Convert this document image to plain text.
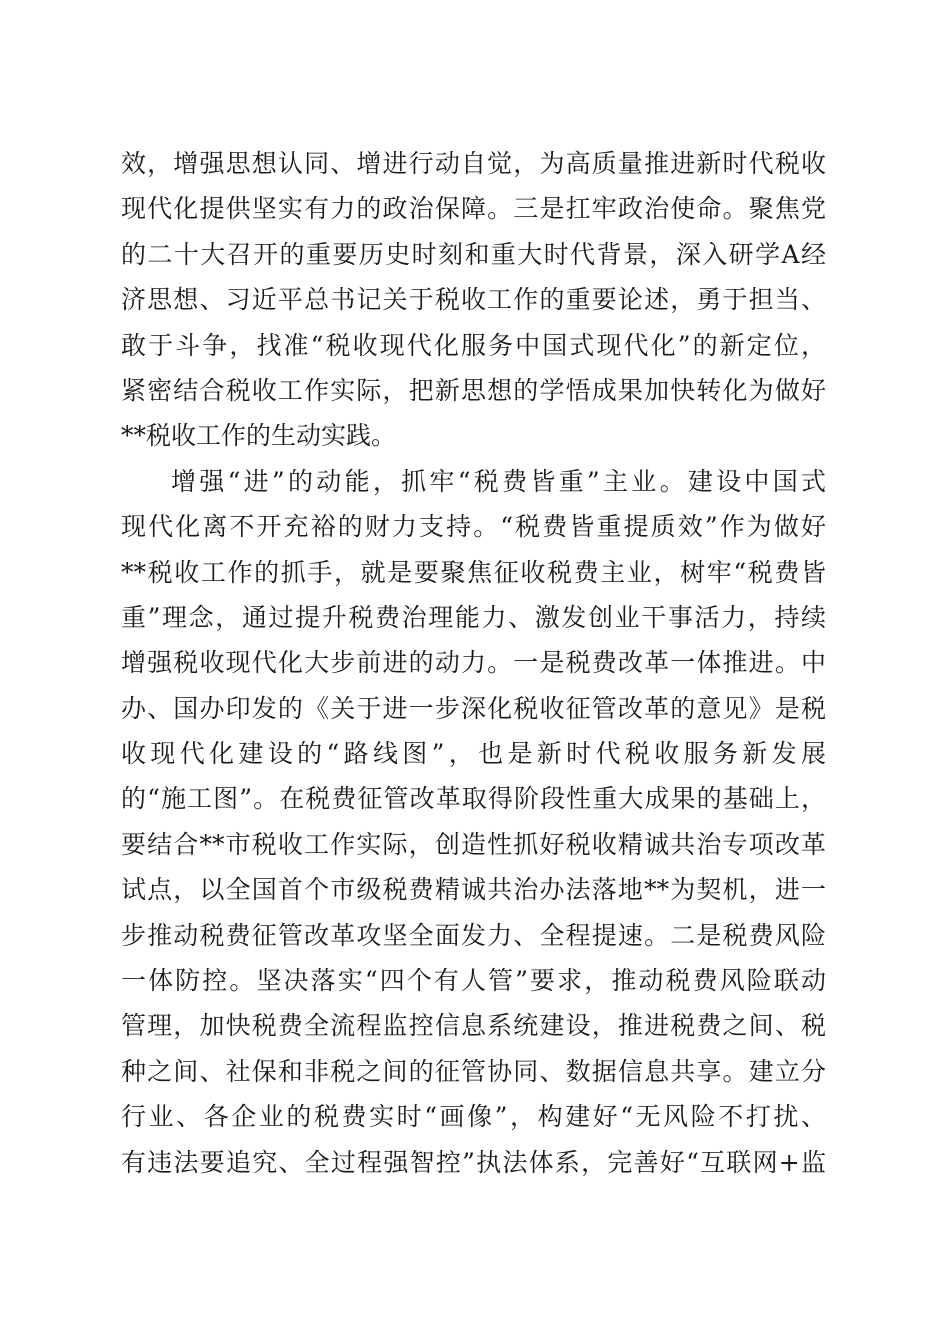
效，增强思想认同、增进行动自觉，为高质量推进新时代税收
现代化提供坚实有力的政治保障。三是扛牢政治使命。聚焦党
的二十大召开的重要历史时刻和重大时代背景，深入研学A经
济思想、习近平总书记关于税收工作的重要论述，勇于担当、
敢于斗争，找准“税收现代化服务中国式现代化”的新定位，
紧密结合税收工作实际，把新思想的学悟成果加快转化为做好
**税收工作的生动实践。
增强“进”的动能，抓牢“税费皆重”主业。建设中国式
现代化离不开充裕的财力支持。“税费皆重提质效”作为做好
**税收工作的抓手，就是要聚焦征收税费主业，树牢“税费皆
重”理念，通过提升税费治理能力、激发创业干事活力，持续
增强税收现代化大步前进的动力。一是税费改革一体推进。中
办、国办印发的《关于进一步深化税收征管改革的意见》是税
收现代化建设的“路线图”，也是新时代税收服务新发展
的“施工图”。在税费征管改革取得阶段性重大成果的基础上，
要结合**市税收工作实际，创造性抓好税收精诚共治专项改革
试点，以全国首个市级税费精诚共治办法落地**为契机，进一
步推动税费征管改革攻坚全面发力、全程提速。二是税费风险
一体防控。坚决落实“四个有人管”要求，推动税费风险联动
管理，加快税费全流程监控信息系统建设，推进税费之间、税
种之间、社保和非税之间的征管协同、数据信息共享。建立分
行业、各企业的税费实时“画像”，构建好“无风险不打扰、
有违法要追究、全过程强智控”执法体系，完善好“互联网+监
